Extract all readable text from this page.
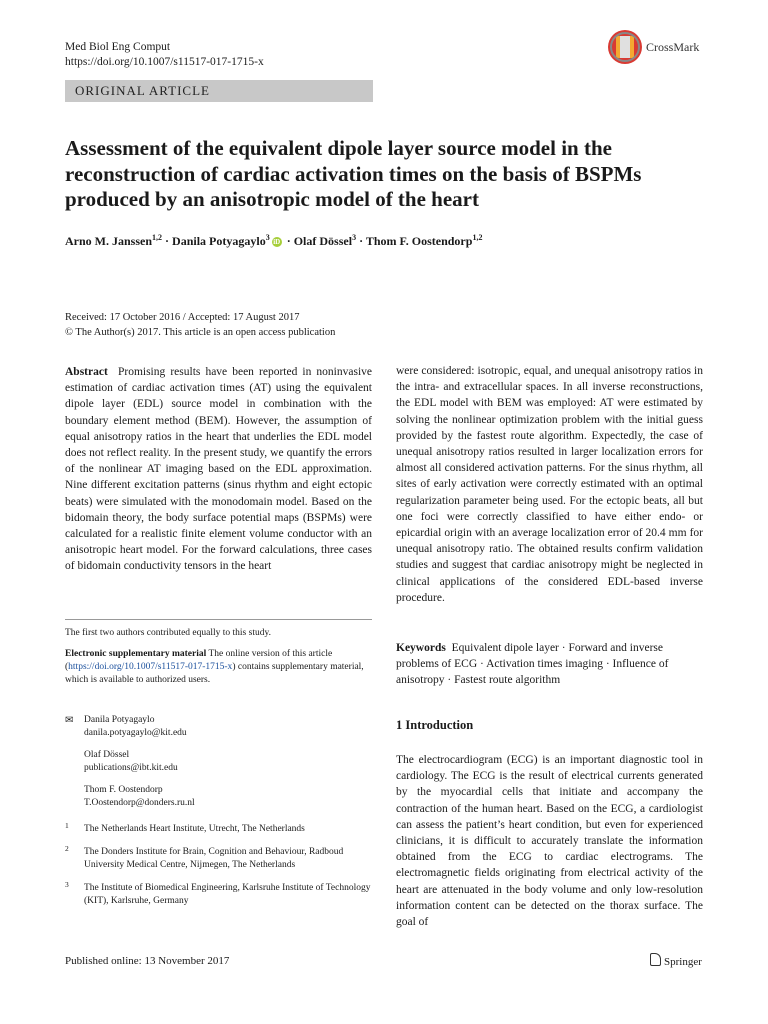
Med Biol Eng Comput
https://doi.org/10.1007/s11517-017-1715-x
CrossMark
ORIGINAL ARTICLE
Assessment of the equivalent dipole layer source model in the reconstruction of cardiac activation times on the basis of BSPMs produced by an anisotropic model of the heart
Arno M. Janssen$^{1,2}$ · Danila Potyagaylo$^3$ iD · Olaf Dössel$^3$ · Thom F. Oostendorp$^{1,2}$
Received: 17 October 2016 / Accepted: 17 August 2017
© The Author(s) 2017. This article is an open access publication
Abstract Promising results have been reported in noninvasive estimation of cardiac activation times (AT) using the equivalent dipole layer (EDL) source model in combination with the boundary element method (BEM). However, the assumption of equal anisotropy ratios in the heart that underlies the EDL model does not reflect reality. In the present study, we quantify the errors of the nonlinear AT imaging based on the EDL approximation. Nine different excitation patterns (sinus rhythm and eight ectopic beats) were simulated with the monodomain model. Based on the bidomain theory, the body surface potential maps (BSPMs) were calculated for a realistic finite element volume conductor with an anisotropic heart model. For the forward calculations, three cases of bidomain conductivity tensors in the heart
were considered: isotropic, equal, and unequal anisotropy ratios in the intra- and extracellular spaces. In all inverse reconstructions, the EDL model with BEM was employed: AT were estimated by solving the nonlinear optimization problem with the initial guess provided by the fastest route algorithm. Expectedly, the case of unequal anisotropy ratios resulted in larger localization errors for almost all considered activation patterns. For the sinus rhythm, all sites of early activation were correctly estimated with an optimal regularization parameter being used. For the ectopic beats, all but one foci were correctly classified to have either endo- or epicardial origin with an average localization error of 20.4 mm for unequal anisotropy ratio. The obtained results confirm validation studies and suggest that cardiac anisotropy might be neglected in clinical applications of the considered EDL-based inverse procedure.

The first two authors contributed equally to this study.

Electronic supplementary material The online version of this article (https://doi.org/10.1007/s11517-017-1715-x) contains supplementary material, which is available to authorized users.

✉ Danila Potyagaylo
danila.potyagaylo@kit.edu
Olaf Dössel
publications@ibt.kit.edu
Thom F. Oostendorp
T.Oostendorp@donders.ru.nl
1 The Netherlands Heart Institute, Utrecht, The Netherlands
2 The Donders Institute for Brain, Cognition and Behaviour, Radboud University Medical Centre, Nijmegen, The Netherlands
3 The Institute of Biomedical Engineering, Karlsruhe Institute of Technology (KIT), Karlsruhe, Germany
Keywords Equivalent dipole layer · Forward and inverse problems of ECG · Activation times imaging · Influence of anisotropy · Fastest route algorithm
1 Introduction
The electrocardiogram (ECG) is an important diagnostic tool in cardiology. The ECG is the result of electrical currents generated by the myocardial cells that initiate and accompany the contraction of the human heart. Based on the ECG, a cardiologist can assess the patient’s heart condition, but even for experienced clinicians, it is difficult to accurately translate the information obtained from the ECG to cardiac electrograms. The electromagnetic fields originating from electrical activity of the heart are attenuated in the body volume and only low-resolution information content can be detected on the thorax surface. The goal of
Published online: 13 November 2017	Springer
